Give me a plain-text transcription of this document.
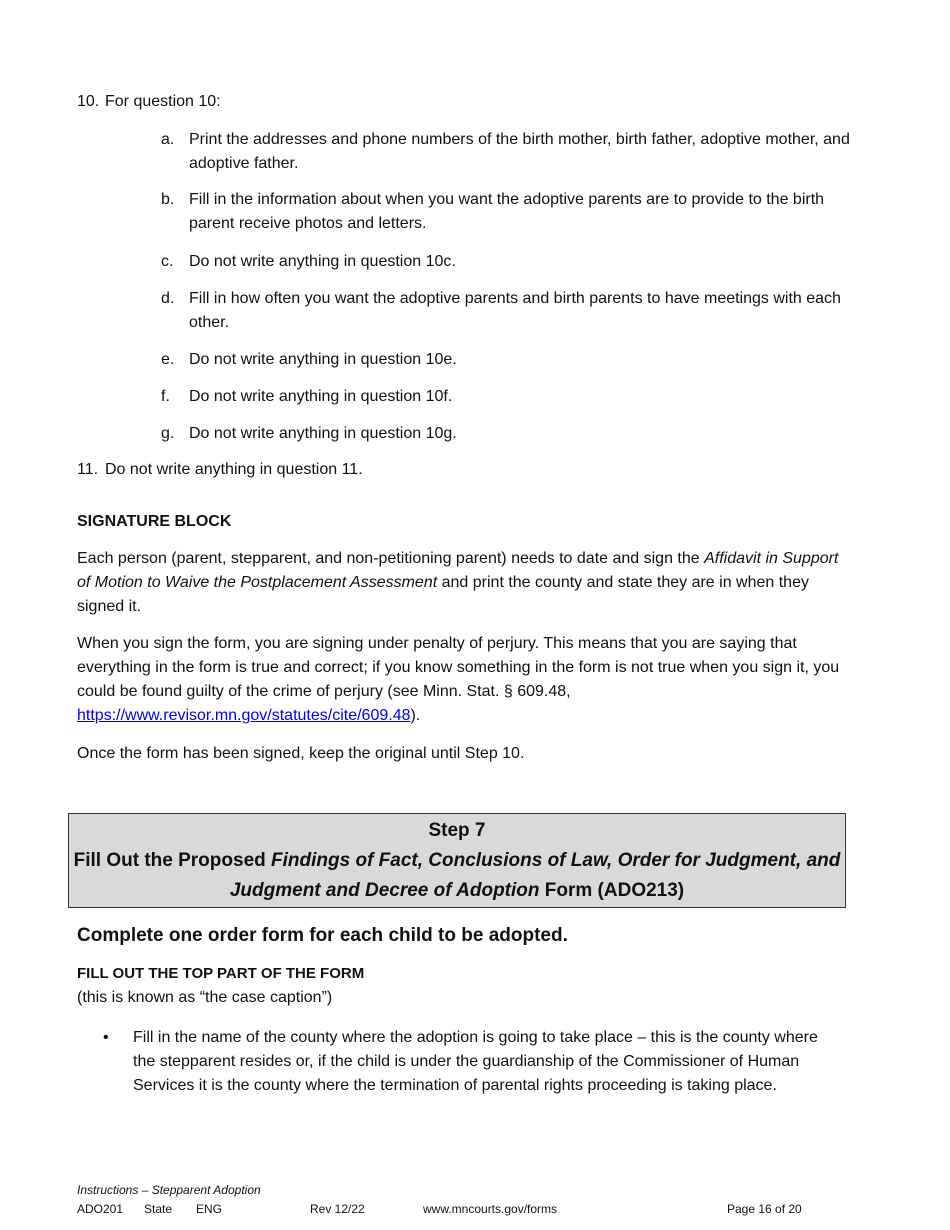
10. For question 10:
a. Print the addresses and phone numbers of the birth mother, birth father, adoptive mother, and adoptive father.
b. Fill in the information about when you want the adoptive parents are to provide to the birth parent receive photos and letters.
c. Do not write anything in question 10c.
d. Fill in how often you want the adoptive parents and birth parents to have meetings with each other.
e. Do not write anything in question 10e.
f. Do not write anything in question 10f.
g. Do not write anything in question 10g.
11. Do not write anything in question 11.
SIGNATURE BLOCK
Each person (parent, stepparent, and non-petitioning parent) needs to date and sign the Affidavit in Support of Motion to Waive the Postplacement Assessment and print the county and state they are in when they signed it.
When you sign the form, you are signing under penalty of perjury. This means that you are saying that everything in the form is true and correct; if you know something in the form is not true when you sign it, you could be found guilty of the crime of perjury (see Minn. Stat. § 609.48, https://www.revisor.mn.gov/statutes/cite/609.48).
Once the form has been signed, keep the original until Step 10.
Step 7
Fill Out the Proposed Findings of Fact, Conclusions of Law, Order for Judgment, and Judgment and Decree of Adoption Form (ADO213)
Complete one order form for each child to be adopted.
FILL OUT THE TOP PART OF THE FORM
(this is known as “the case caption”)
• Fill in the name of the county where the adoption is going to take place – this is the county where the stepparent resides or, if the child is under the guardianship of the Commissioner of Human Services it is the county where the termination of parental rights proceeding is taking place.
Instructions – Stepparent Adoption
ADO201 State ENG	Rev 12/22	www.mncourts.gov/forms	Page 16 of 20
